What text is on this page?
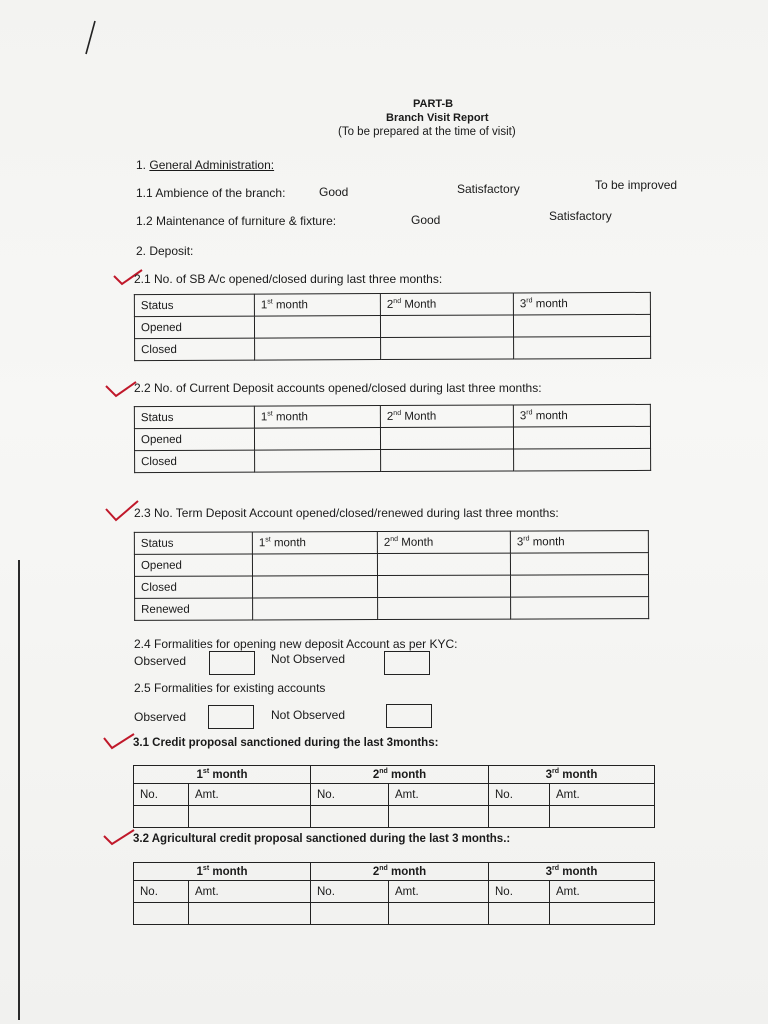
PART-B
Branch Visit Report
(To be prepared at the time of visit)
1. General Administration:
1.1 Ambience of the branch:	Good	Satisfactory	To be improved
1.2 Maintenance of furniture & fixture:	Good	Satisfactory
2. Deposit:
2.1 No. of SB A/c opened/closed during last three months:
Status	1st month	2nd Month	3rd month
Opened			
Closed			
2.2 No. of Current Deposit accounts opened/closed during last three months:
Status	1st month	2nd Month	3rd month
Opened			
Closed			
2.3 No. Term Deposit Account opened/closed/renewed during last three months:
Status	1st month	2nd Month	3rd month
Opened			
Closed			
Renewed			
2.4 Formalities for opening new deposit Account as per KYC:
Observed	Not Observed
2.5 Formalities for existing accounts
Observed	Not Observed
3.1 Credit proposal sanctioned during the last 3months:
1st month		2nd month		3rd month	
No.	Amt.	No.	Amt.	No.	Amt.

3.2 Agricultural credit proposal sanctioned during the last 3 months.:
1st month		2nd month		3rd month	
No.	Amt.	No.	Amt.	No.	Amt.
